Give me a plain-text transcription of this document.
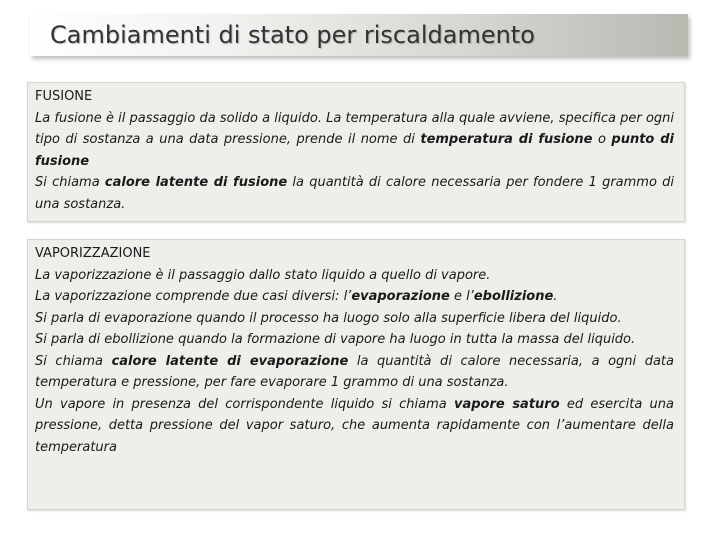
Cambiamenti di stato per riscaldamento
FUSIONE

La fusione è il passaggio da solido a liquido. La temperatura alla quale avviene, specifica per ogni tipo di sostanza a una data pressione, prende il nome di temperatura di fusione o punto di fusione

Si chiama calore latente di fusione la quantità di calore necessaria per fondere 1 grammo di una sostanza.

VAPORIZZAZIONE

La vaporizzazione è il passaggio dallo stato liquido a quello di vapore.

La vaporizzazione comprende due casi diversi: l’evaporazione e l’ebollizione.

Si parla di evaporazione quando il processo ha luogo solo alla superficie libera del liquido.

Si parla di ebollizione quando la formazione di vapore ha luogo in tutta la massa del liquido.

Si chiama calore latente di evaporazione la quantità di calore necessaria, a ogni data temperatura e pressione, per fare evaporare 1 grammo di una sostanza.

Un vapore in presenza del corrispondente liquido si chiama vapore saturo ed esercita una pressione, detta pressione del vapor saturo, che aumenta rapidamente con l’aumentare della temperatura
